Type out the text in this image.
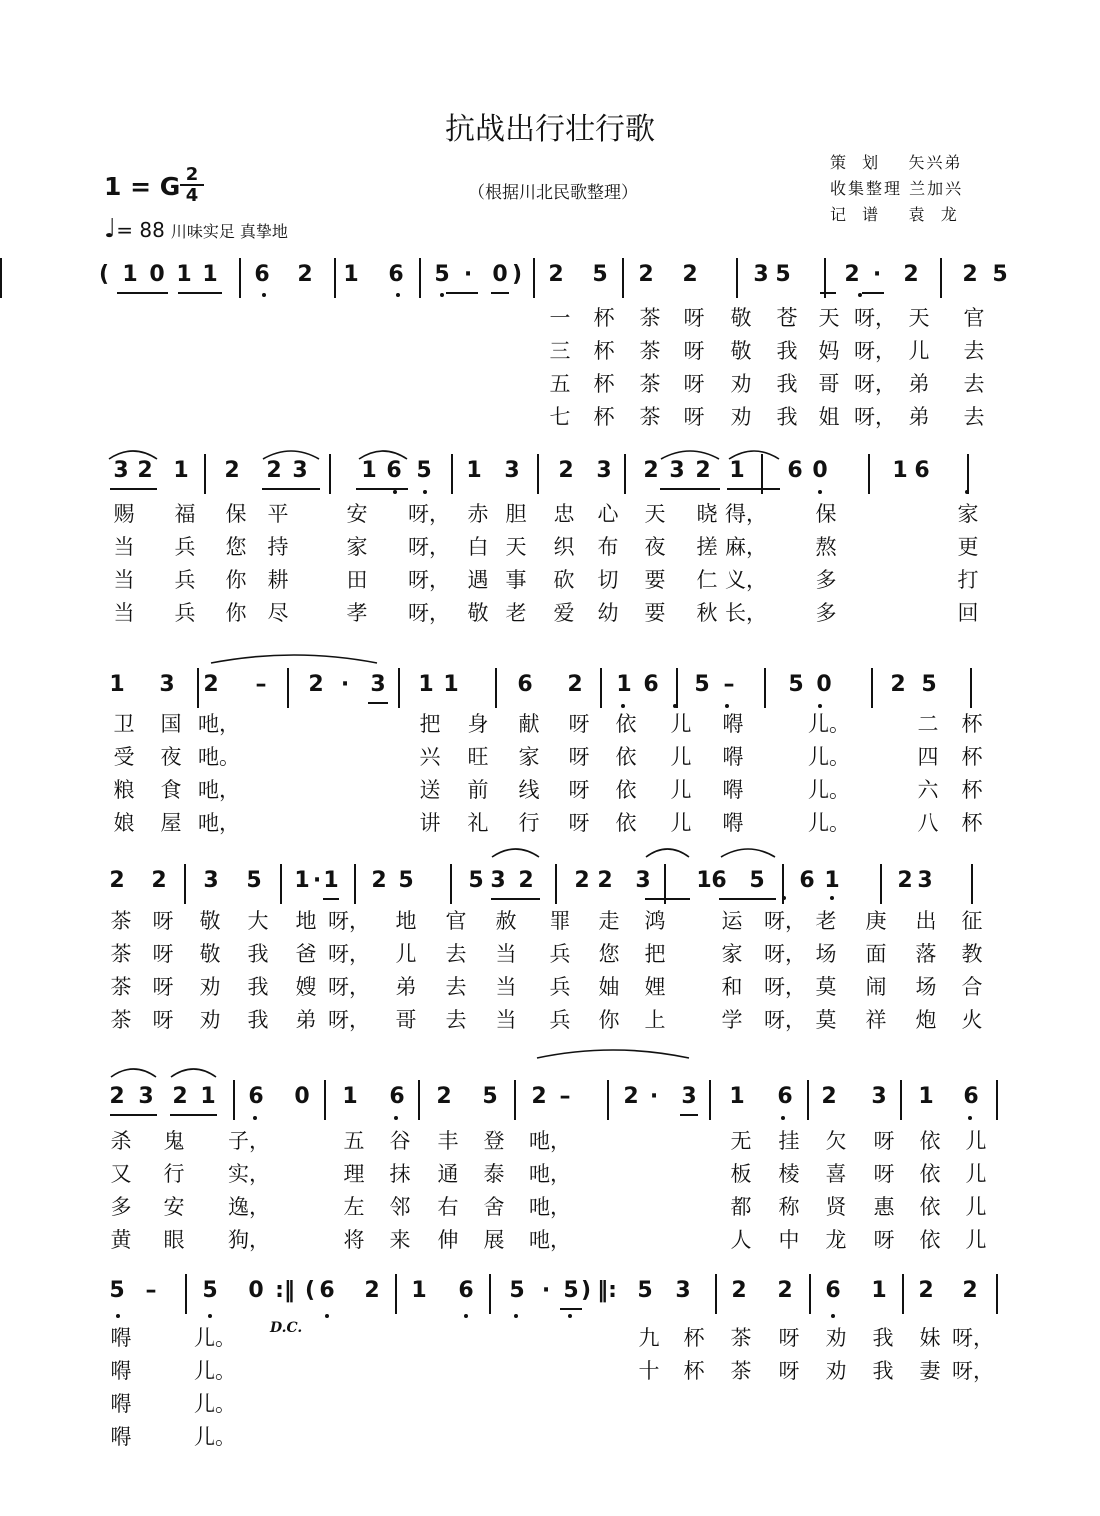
抗战出行壮行歌
1 = G 2
4	（根据川北民歌整理）
♩= 88 川味实足 真挚地
策  划    矢兴弟
收集整理 兰加兴
记  谱    袁  龙
D.C.
( 1 0 1 1 6 2 1 6 5 · 0 )	2 5 2 2	3 5 2 ·	2 2 5
一	杯	茶	呀	敬	苍	天 呀， 天	官
三	杯	茶	呀	敬	我	妈 呀， 儿	去
五	杯	茶	呀	劝	我	哥 呀， 弟	去
七	杯	茶	呀	劝	我	姐 呀， 弟	去
3 2 1 2 2 3 1 6 5 1 3 2 3 2 3 2 1 6 0	1 6
赐	福	保	平	安	呀， 赤 胆	忠	心	天	晓 得，	保	家
当	兵	您	持	家	呀， 白 天	织	布	夜	搓 麻，	熬	更
当	兵	你	耕	田	呀， 遇 事	砍	切	要	仁 义，	多	打
当	兵	你	尽	孝	呀， 敬 老	爱	幼	要	秋 长，	多	回
1 3 2	–	2 · 3 1 1	6 2 1 6 5 –	5 0	2 5
卫	国 吔，	把	身	献	呀	依	儿	嘚	儿。	二	杯
受	夜 吔。	兴	旺	家	呀	依	儿	嘚	儿。	四	杯
粮	食 吔，	送	前	线	呀	依	儿	嘚	儿。	六	杯
娘	屋 吔，	讲	礼	行	呀	依	儿	嘚	儿。	八	杯
2 2 3 5 1 · 1 2 5 5 3 2 2 2 3 1 6 5 6 1	2 3
茶	呀	敬	大	地 呀，	地	官	赦	罪	走	鸿	运	呀， 老	庚	出	征
茶	呀	敬	我	爸 呀，	儿	去	当	兵	您	把	家	呀， 场	面	落	教
茶	呀	劝	我	嫂 呀，	弟	去	当	兵	妯	娌	和	呀， 莫	闹	场	合
茶	呀	劝	我	弟 呀，	哥	去	当	兵	你	上	学	呀， 莫	祥	炮	火
2 3 2 1 6 0 1 6 2 5 2 –	2 ·	3 1 6 2 3 1 6
杀	鬼	子，	五	谷	丰	登	吔，	无	挂	欠	呀	依	儿
又	行	实，	理	抹	通	泰	吔，	板	棱	喜	呀	依	儿
多	安	逸，	左	邻	右	舍	吔，	都	称	贤	惠	依	儿
黄	眼	狗，	将	来	伸	展	吔，	人	中	龙	呀	依	儿
5 –	5 0 :‖ ( 6 2 1 6 5 · 5 ) ‖: 5 3 2 2 6 1 2 2
嘚	儿。	九	杯	茶	呀	劝	我	妹 呀，
嘚	儿。	十	杯	茶	呀	劝	我	妻 呀，
嘚	儿。
嘚	儿。
